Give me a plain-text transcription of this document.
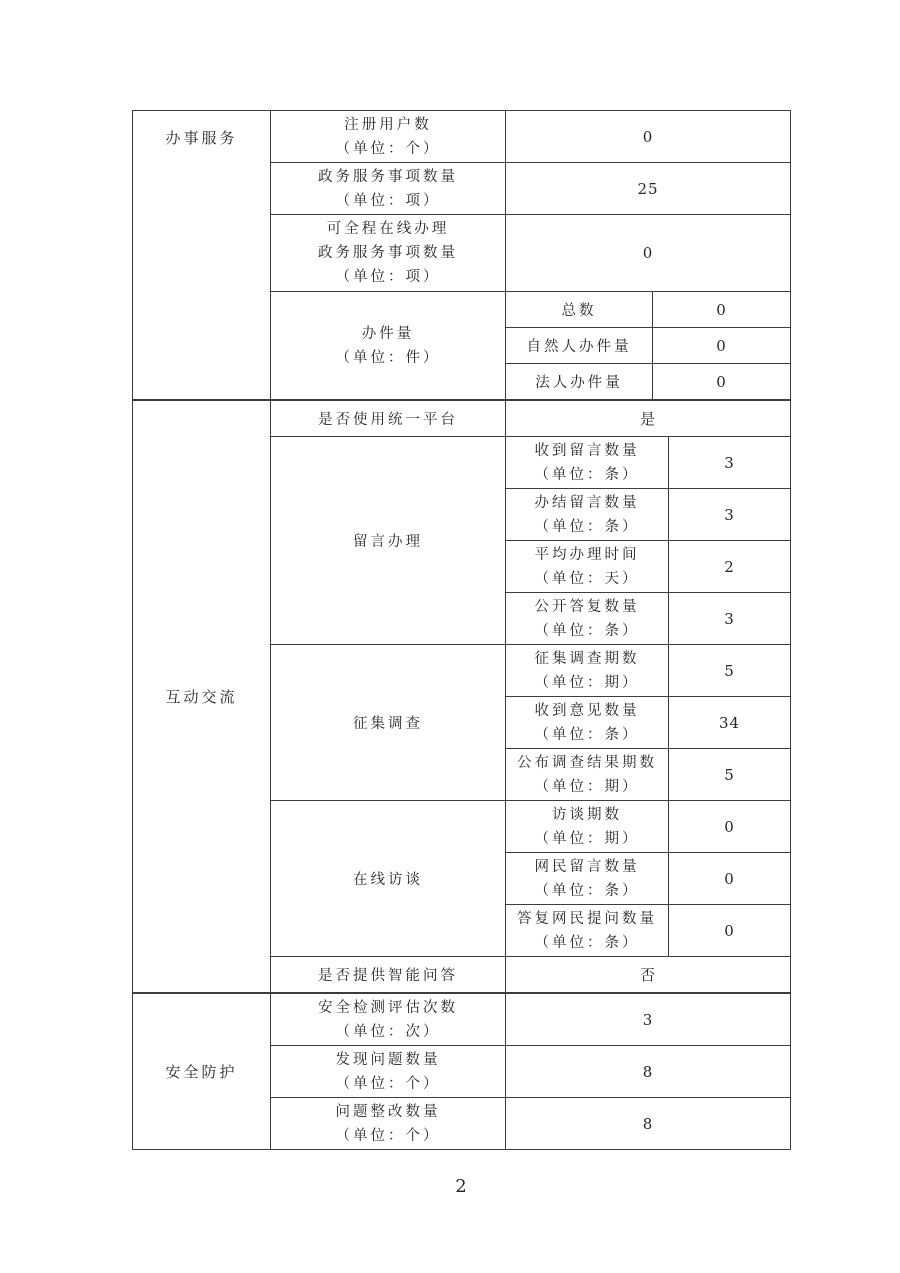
办事服务	注册用户数
（单位：个）	0	

	政务服务事项数量
（单位：项）	25	

	可全程在线办理
政务服务事项数量
（单位：项）	0	

	办件量
（单位：件）	总数	0
		自然人办件量	0
		法人办件量	0
互动交流	是否使用统一平台	是	
	留言办理	收到留言数量
（单位：条）	3

		办结留言数量
（单位：条）	3

		平均办理时间
（单位：天）	2

		公开答复数量
（单位：条）	3
	征集调查	征集调查期数
（单位：期）	5

		收到意见数量
（单位：条）	34

		公布调查结果期数
（单位：期）	5
	在线访谈	访谈期数
（单位：期）	0

		网民留言数量
（单位：条）	0

		答复网民提问数量
（单位：条）	0
	是否提供智能问答	否	
安全防护	安全检测评估次数
（单位：次）	3

	发现问题数量
（单位：个）	8

	问题整改数量
（单位：个）	8
2
